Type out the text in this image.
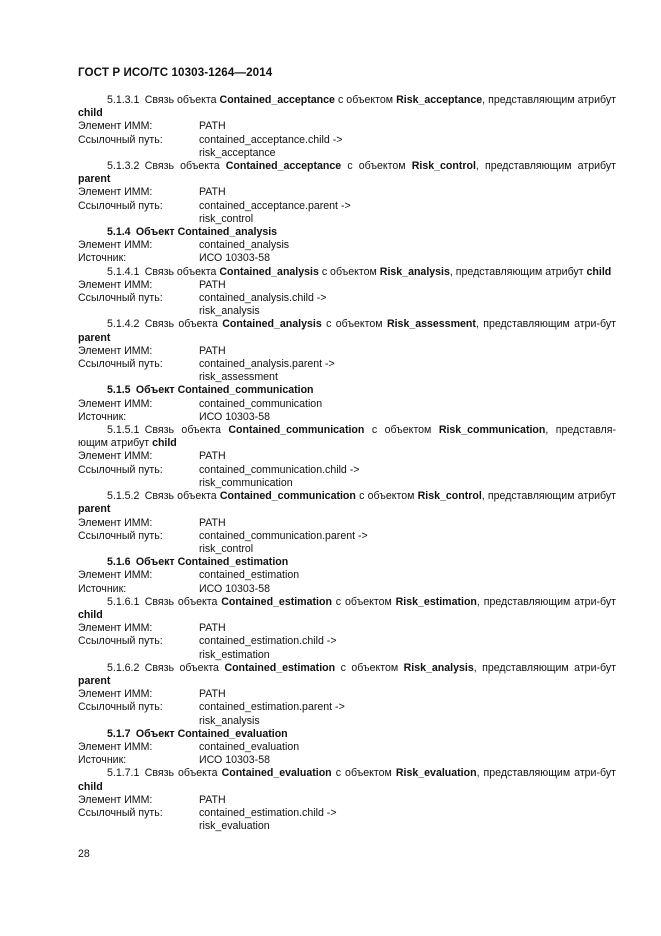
ГОСТ Р ИСО/ТС 10303-1264—2014
5.1.3.1  Связь объекта Contained_acceptance с объектом Risk_acceptance, представляющим атрибут child
Элемент ИММ:	PATH
Ссылочный путь:	contained_acceptance.child ->
risk_acceptance
5.1.3.2  Связь объекта Contained_acceptance с объектом Risk_control, представляющим атрибут parent
Элемент ИММ:	PATH
Ссылочный путь:	contained_acceptance.parent ->
risk_control
5.1.4  Объект Contained_analysis
Элемент ИММ:	contained_analysis
Источник:	ИСО 10303-58
5.1.4.1  Связь объекта Contained_analysis с объектом Risk_analysis, представляющим атрибут child
Элемент ИММ:	PATH
Ссылочный путь:	contained_analysis.child ->
risk_analysis
5.1.4.2  Связь объекта Contained_analysis с объектом Risk_assessment, представляющим атри-бут parent
Элемент ИММ:	PATH
Ссылочный путь:	contained_analysis.parent ->
risk_assessment
5.1.5  Объект Contained_communication
Элемент ИММ:	contained_communication
Источник:	ИСО 10303-58
5.1.5.1  Связь объекта Contained_communication с объектом Risk_communication, представля-ющим атрибут child
Элемент ИММ:	PATH
Ссылочный путь:	contained_communication.child ->
risk_communication
5.1.5.2  Связь объекта Contained_communication с объектом Risk_control, представляющим атрибут parent
Элемент ИММ:	PATH
Ссылочный путь:	contained_communication.parent ->
risk_control
5.1.6  Объект Contained_estimation
Элемент ИММ:	contained_estimation
Источник:	ИСО 10303-58
5.1.6.1  Связь объекта Contained_estimation с объектом Risk_estimation, представляющим атри-бут child
Элемент ИММ:	PATH
Ссылочный путь:	contained_estimation.child ->
risk_estimation
5.1.6.2  Связь объекта Contained_estimation с объектом Risk_analysis, представляющим атри-бут parent
Элемент ИММ:	PATH
Ссылочный путь:	contained_estimation.parent ->
risk_analysis
5.1.7  Объект Contained_evaluation
Элемент ИММ:	contained_evaluation
Источник:	ИСО 10303-58
5.1.7.1  Связь объекта Contained_evaluation с объектом Risk_evaluation, представляющим атри-бут child
Элемент ИММ:	PATH
Ссылочный путь:	contained_estimation.child ->
risk_evaluation
28
